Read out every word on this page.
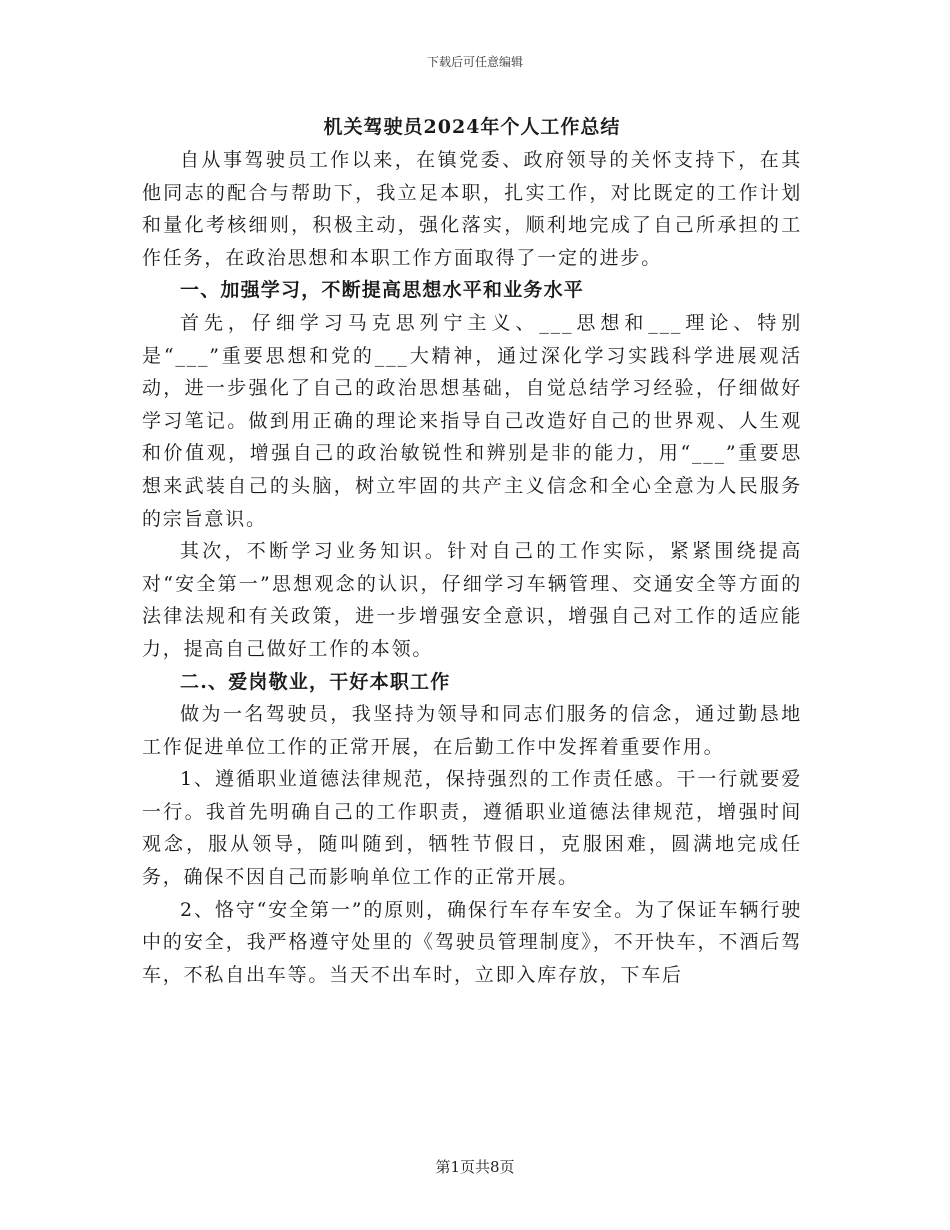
下载后可任意编辑
机关驾驶员2024年个人工作总结

自从事驾驶员工作以来，在镇党委、政府领导的关怀支持下，在其他同志的配合与帮助下，我立足本职，扎实工作，对比既定的工作计划和量化考核细则，积极主动，强化落实，顺利地完成了自己所承担的工作任务，在政治思想和本职工作方面取得了一定的进步。

一、加强学习，不断提高思想水平和业务水平

首先，仔细学习马克思列宁主义、___思想和___理论、特别是“___”重要思想和党的___大精神，通过深化学习实践科学进展观活动，进一步强化了自己的政治思想基础，自觉总结学习经验，仔细做好学习笔记。做到用正确的理论来指导自己改造好自己的世界观、人生观和价值观，增强自己的政治敏锐性和辨别是非的能力，用“___”重要思想来武装自己的头脑，树立牢固的共产主义信念和全心全意为人民服务的宗旨意识。

其次，不断学习业务知识。针对自己的工作实际，紧紧围绕提高对“安全第一”思想观念的认识，仔细学习车辆管理、交通安全等方面的法律法规和有关政策，进一步增强安全意识，增强自己对工作的适应能力，提高自己做好工作的本领。

二.、爱岗敬业，干好本职工作

做为一名驾驶员，我坚持为领导和同志们服务的信念，通过勤恳地工作促进单位工作的正常开展，在后勤工作中发挥着重要作用。

1、遵循职业道德法律规范，保持强烈的工作责任感。干一行就要爱一行。我首先明确自己的工作职责，遵循职业道德法律规范，增强时间观念，服从领导，随叫随到，牺牲节假日，克服困难，圆满地完成任务，确保不因自己而影响单位工作的正常开展。

2、恪守“安全第一”的原则，确保行车存车安全。为了保证车辆行驶中的安全，我严格遵守处里的《驾驶员管理制度》，不开快车，不酒后驾车，不私自出车等。当天不出车时，立即入库存放，下车后

第1页共8页
